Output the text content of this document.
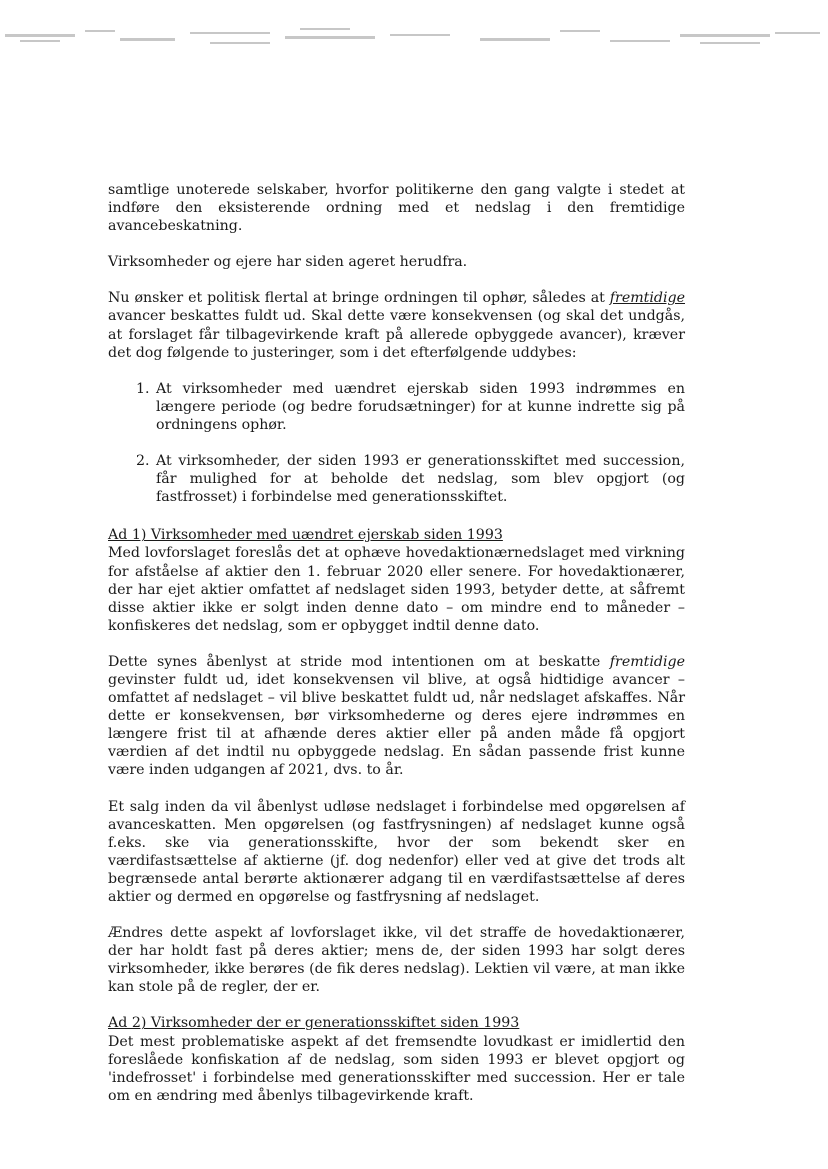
samtlige unoterede selskaber, hvorfor politikerne den gang valgte i stedet at indføre den eksisterende ordning med et nedslag i den fremtidige avancebeskatning.

Virksomheder og ejere har siden ageret herudfra.

Nu ønsker et politisk flertal at bringe ordningen til ophør, således at fremtidige avancer beskattes fuldt ud. Skal dette være konsekvensen (og skal det undgås, at forslaget får tilbagevirkende kraft på allerede opbyggede avancer), kræver det dog følgende to justeringer, som i det efterfølgende uddybes:

1. At virksomheder med uændret ejerskab siden 1993 indrømmes en længere periode (og bedre forudsætninger) for at kunne indrette sig på ordningens ophør.
2. At virksomheder, der siden 1993 er generationsskiftet med succession, får mulighed for at beholde det nedslag, som blev opgjort (og fastfrosset) i forbindelse med generationsskiftet.
Ad 1) Virksomheder med uændret ejerskab siden 1993

Med lovforslaget foreslås det at ophæve hovedaktionærnedslaget med virkning for afståelse af aktier den 1. februar 2020 eller senere. For hovedaktionærer, der har ejet aktier omfattet af nedslaget siden 1993, betyder dette, at såfremt disse aktier ikke er solgt inden denne dato – om mindre end to måneder – konfiskeres det nedslag, som er opbygget indtil denne dato.

Dette synes åbenlyst at stride mod intentionen om at beskatte fremtidige gevinster fuldt ud, idet konsekvensen vil blive, at også hidtidige avancer – omfattet af nedslaget – vil blive beskattet fuldt ud, når nedslaget afskaffes. Når dette er konsekvensen, bør virksomhederne og deres ejere indrømmes en længere frist til at afhænde deres aktier eller på anden måde få opgjort værdien af det indtil nu opbyggede nedslag. En sådan passende frist kunne være inden udgangen af 2021, dvs. to år.

Et salg inden da vil åbenlyst udløse nedslaget i forbindelse med opgørelsen af avanceskatten. Men opgørelsen (og fastfrysningen) af nedslaget kunne også f.eks. ske via generationsskifte, hvor der som bekendt sker en værdifastsættelse af aktierne (jf. dog nedenfor) eller ved at give det trods alt begrænsede antal berørte aktionærer adgang til en værdifastsættelse af deres aktier og dermed en opgørelse og fastfrysning af nedslaget.

Ændres dette aspekt af lovforslaget ikke, vil det straffe de hovedaktionærer, der har holdt fast på deres aktier; mens de, der siden 1993 har solgt deres virksomheder, ikke berøres (de fik deres nedslag). Lektien vil være, at man ikke kan stole på de regler, der er.

Ad 2) Virksomheder der er generationsskiftet siden 1993

Det mest problematiske aspekt af det fremsendte lovudkast er imidlertid den foreslåede konfiskation af de nedslag, som siden 1993 er blevet opgjort og 'indefrosset' i forbindelse med generationsskifter med succession. Her er tale om en ændring med åbenlys tilbagevirkende kraft.
